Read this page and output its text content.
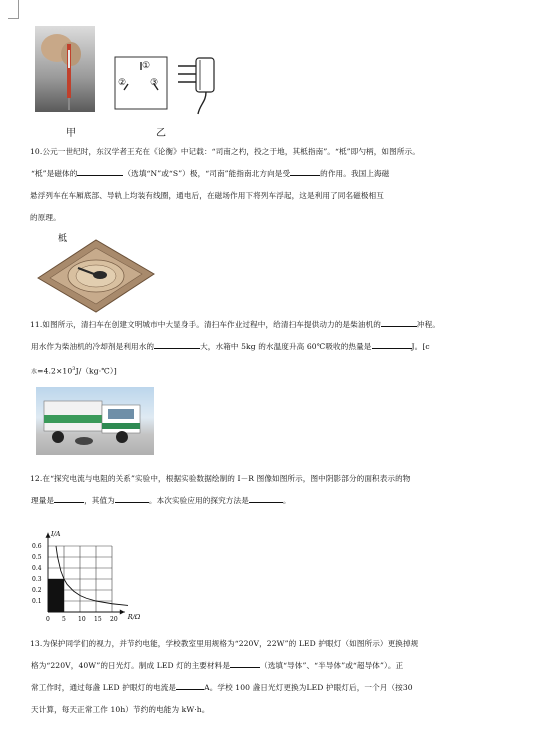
①
②	③
甲	乙
10.公元一世纪时，东汉学者王充在《论衡》中记载：“司南之杓，投之于地，其柢指南”。“柢”即勺柄，如图所示。
“柢”是磁体的	（选填“N”或“S”）极，“司南”能指南北方向是受	的作用。我国上海磁
悬浮列车在车厢底部、导轨上均装有线圈，通电后，在磁场作用下将列车浮起，这是利用了同名磁极相互
的原理。
柢
11.如图所示，清扫车在创建文明城市中大显身手。清扫车作业过程中，给清扫车提供动力的是柴油机的	冲程。
用水作为柴油机的冷却剂是利用水的	大，水箱中 5kg 的水温度升高 60℃吸收的热量是	J。[c
水$=4.2\times 10^3J/(kg\cdot℃)$]
12.在“探究电流与电阻的关系”实验中，根据实验数据绘制的 I－R 图像如图所示，图中阴影部分的面积表示的物
理量是	，其值为	。本次实验应用的探究方法是	。
0 5 10 15 20
0.1
0.2
0.3
0.4
0.5
0.6
I/A
R/Ω
13.为保护同学们的视力，并节约电能，学校教室里用规格为“220V，22W”的 LED 护眼灯（如图所示）更换掉规
格为“220V，40W”的日光灯。制成 LED 灯的主要材料是	（选填“导体”、“半导体”或“超导体”）。正
常工作时，通过每盏 LED 护眼灯的电流是	A。学校 100 盏日光灯更换为LED 护眼灯后，一个月（按30
天计算，每天正常工作 10h）节约的电能为 kW·h。
